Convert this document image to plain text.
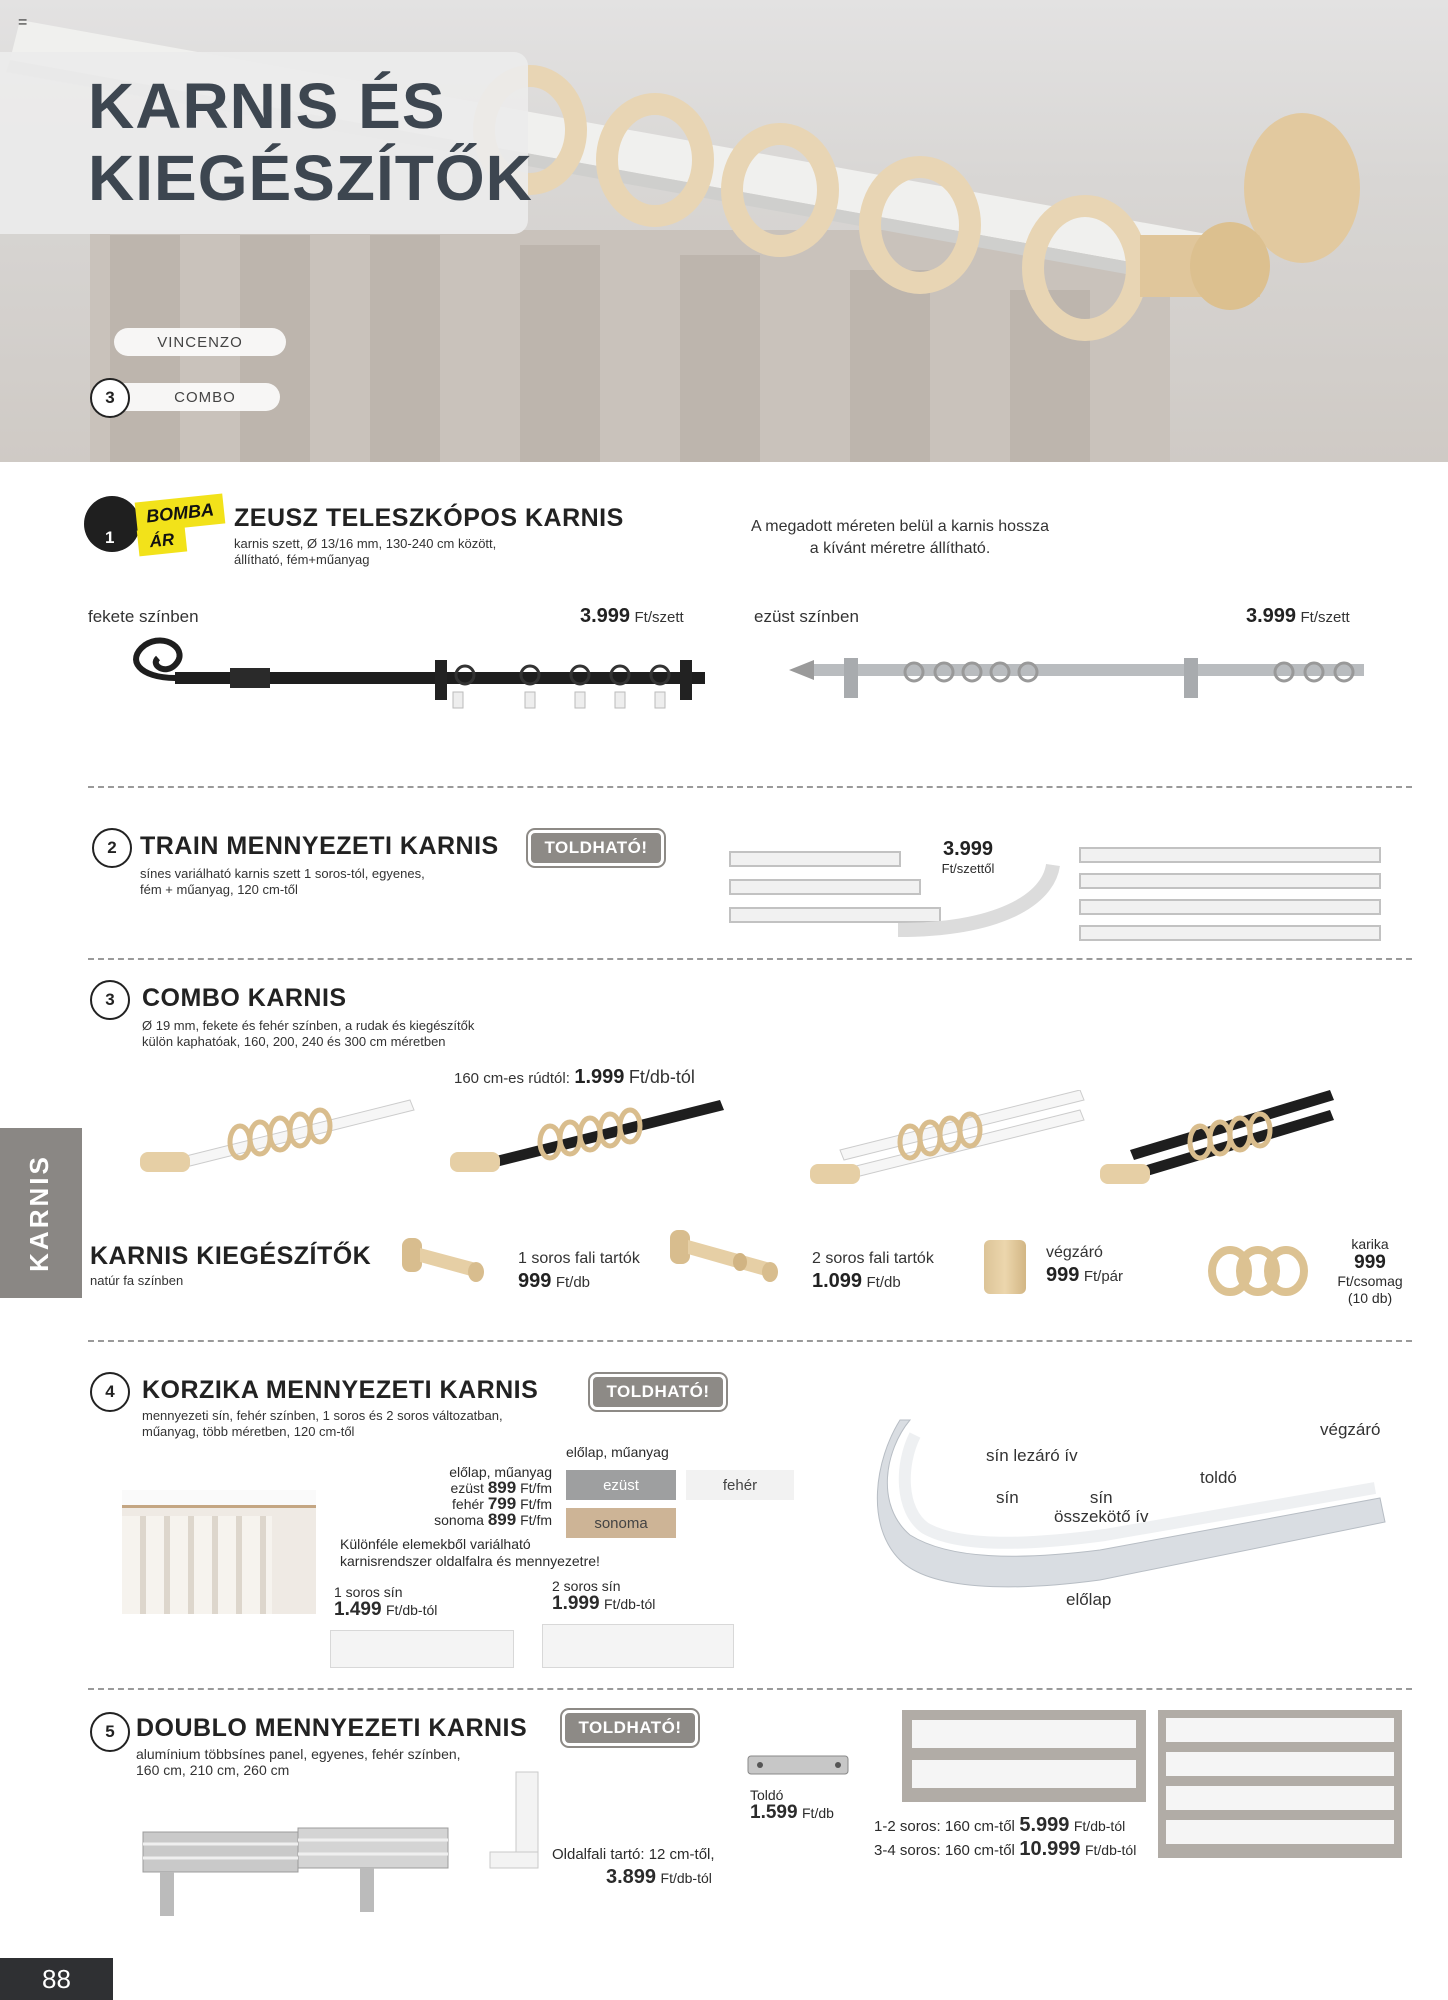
=
KARNIS ÉS
KIEGÉSZÍTŐK
VINCENZO
COMBO
3
1
BOMBA
ÁR
ZEUSZ TELESZKÓPOS KARNIS
karnis szett, Ø 13/16 mm, 130-240 cm között,
állítható, fém+műanyag
A megadott méreten belül a karnis hossza
a kívánt méretre állítható.
fekete színben	3.999 Ft/szett	ezüst színben	3.999 Ft/szett
2 TRAIN MENNYEZETI KARNIS	TOLDHATÓ!
sínes variálható karnis szett 1 soros-tól, egyenes,
fém + műanyag, 120 cm-től
3.999
Ft/szettől
3	COMBO KARNIS
Ø 19 mm, fekete és fehér színben, a rudak és kiegészítők
külön kaphatóak, 160, 200, 240 és 300 cm méretben
160 cm-es rúdtól: 1.999 Ft/db-tól
KARNIS KIEGÉSZÍTŐK
natúr fa színben
1 soros fali tartók
999 Ft/db
2 soros fali tartók
1.099 Ft/db
végzáró
999 Ft/pár
karika
999
Ft/csomag
(10 db)
4	KORZIKA MENNYEZETI KARNIS	TOLDHATÓ!
mennyezeti sín, fehér színben, 1 soros és 2 soros változatban,
műanyag, több méretben, 120 cm-től
előlap, műanyag
ezüst 899 Ft/fm
fehér 799 Ft/fm
sonoma 899 Ft/fm
előlap, műanyag
ezüst	fehér
sonoma
Különféle elemekből variálható
karnisrendszer oldalfalra és mennyezetre!
1 soros sín
1.499 Ft/db-tól
2 soros sín
1.999 Ft/db-tól
végzáró
sín lezáró ív
toldó
sín	sín
összekötő ív
előlap
5 DOUBLO MENNYEZETI KARNIS	TOLDHATÓ!
alumínium többsínes panel, egyenes, fehér színben,
160 cm, 210 cm, 260 cm
Oldalfali tartó: 12 cm-től,
3.899 Ft/db-tól
Toldó
1.599 Ft/db
1-2 soros: 160 cm-től 5.999 Ft/db-tól
3-4 soros: 160 cm-től 10.999 Ft/db-tól
KARNIS
88
